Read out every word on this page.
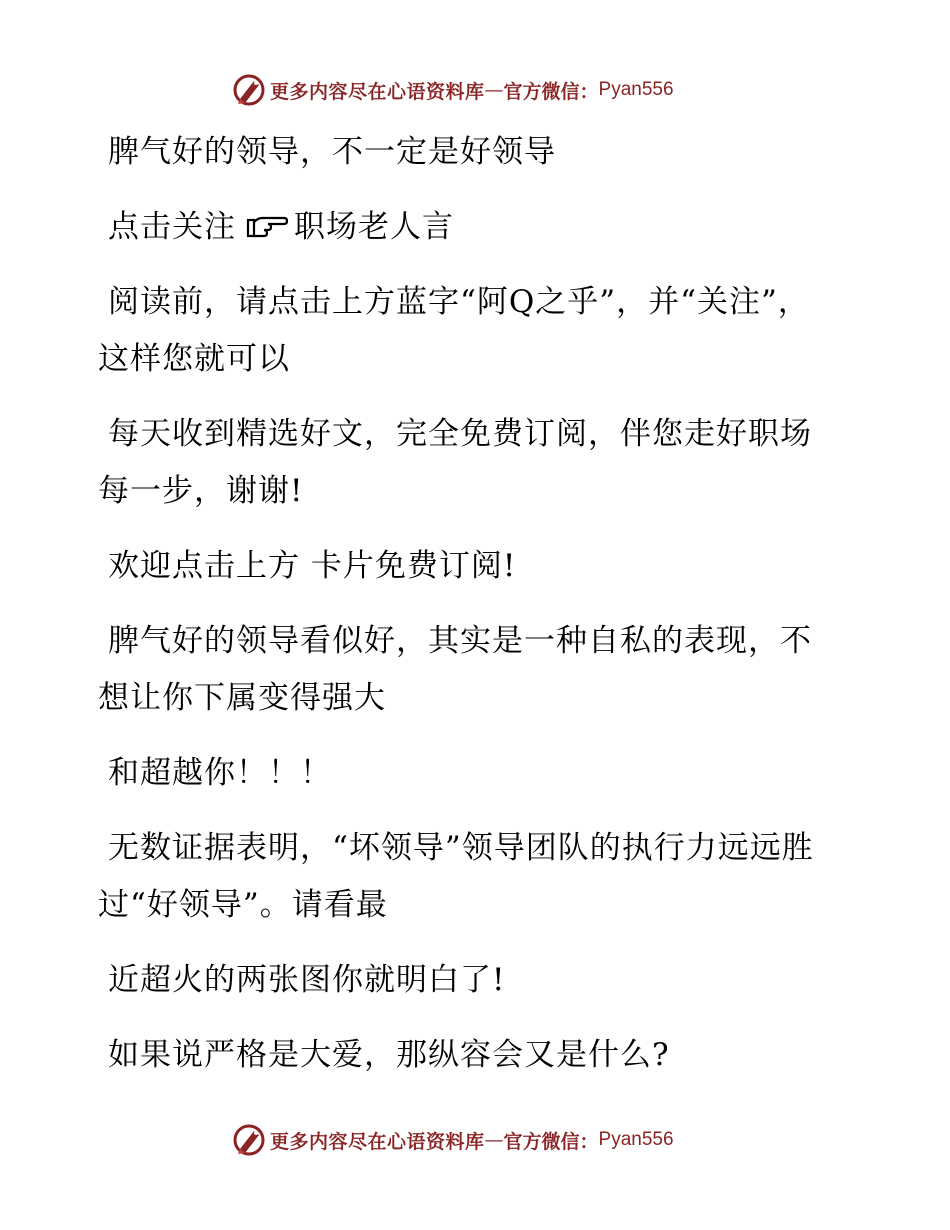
更多内容尽在心语资料库 — 官方微信： Pyan556

脾气好的领导，不一定是好领导

点击关注 职场老人言

阅读前，请点击上方蓝字“阿Q之乎”，并“关注”，这样您就可以

每天收到精选好文，完全免费订阅，伴您走好职场每一步，谢谢!

欢迎点击上方 卡片免费订阅!

脾气好的领导看似好，其实是一种自私的表现，不想让你下属变得强大

和超越你！！！

无数证据表明，“坏领导”领导团队的执行力远远胜过“好领导”。请看最

近超火的两张图你就明白了!

如果说严格是大爱，那纵容会又是什么?

更多内容尽在心语资料库 — 官方微信： Pyan556
